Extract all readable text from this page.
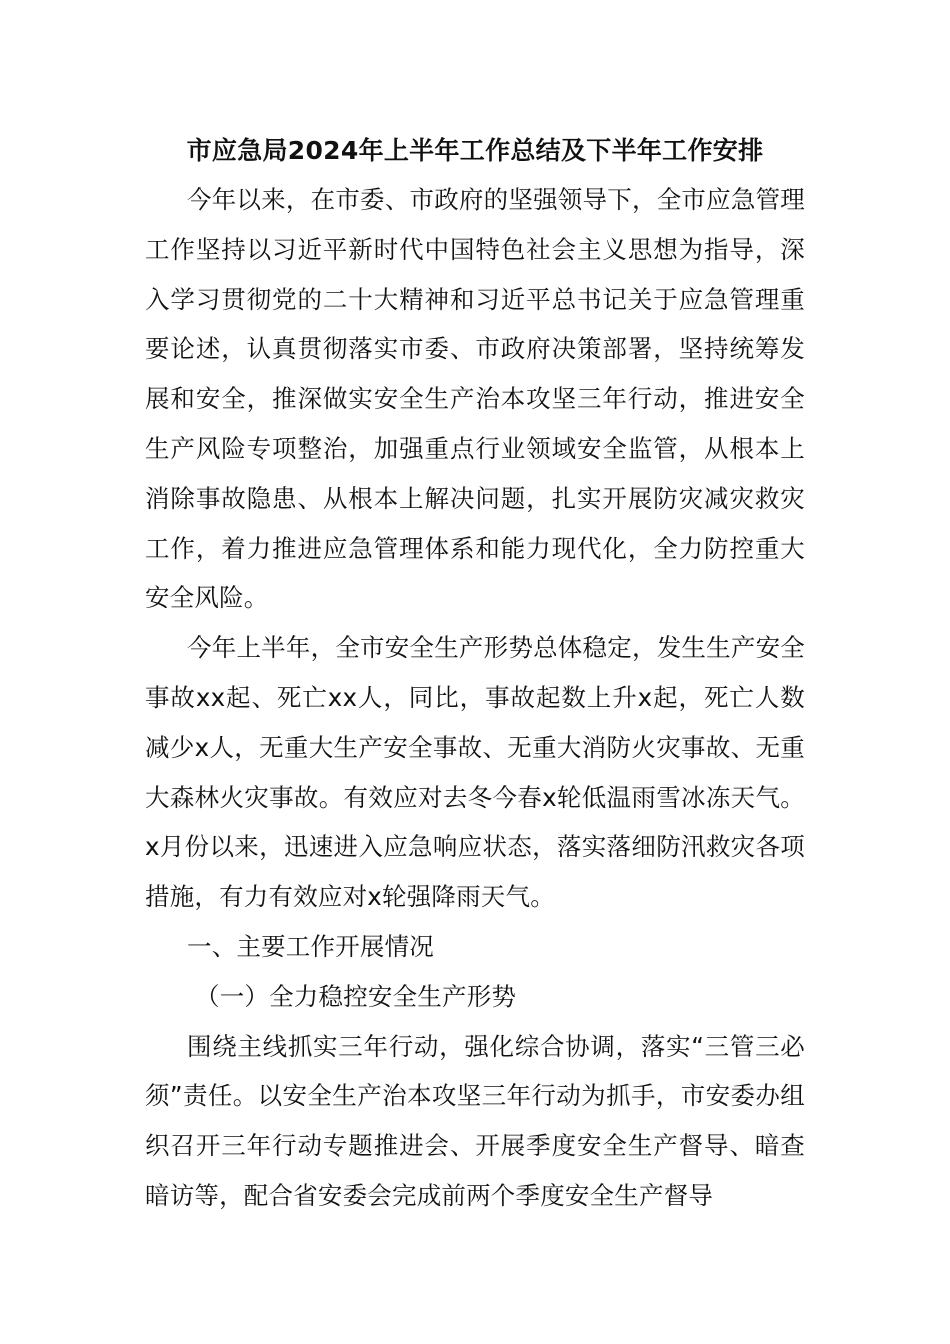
市应急局2024年上半年工作总结及下半年工作安排

今年以来，在市委、市政府的坚强领导下，全市应急管理工作坚持以习近平新时代中国特色社会主义思想为指导，深入学习贯彻党的二十大精神和习近平总书记关于应急管理重要论述，认真贯彻落实市委、市政府决策部署，坚持统筹发展和安全，推深做实安全生产治本攻坚三年行动，推进安全生产风险专项整治，加强重点行业领域安全监管，从根本上消除事故隐患、从根本上解决问题，扎实开展防灾减灾救灾工作，着力推进应急管理体系和能力现代化，全力防控重大安全风险。

今年上半年，全市安全生产形势总体稳定，发生生产安全事故xx起、死亡xx人，同比，事故起数上升x起，死亡人数减少x人，无重大生产安全事故、无重大消防火灾事故、无重大森林火灾事故。有效应对去冬今春x轮低温雨雪冰冻天气。x月份以来，迅速进入应急响应状态，落实落细防汛救灾各项措施，有力有效应对x轮强降雨天气。

一、主要工作开展情况

（一）全力稳控安全生产形势

围绕主线抓实三年行动，强化综合协调，落实“三管三必须”责任。以安全生产治本攻坚三年行动为抓手，市安委办组织召开三年行动专题推进会、开展季度安全生产督导、暗查暗访等，配合省安委会完成前两个季度安全生产督导
